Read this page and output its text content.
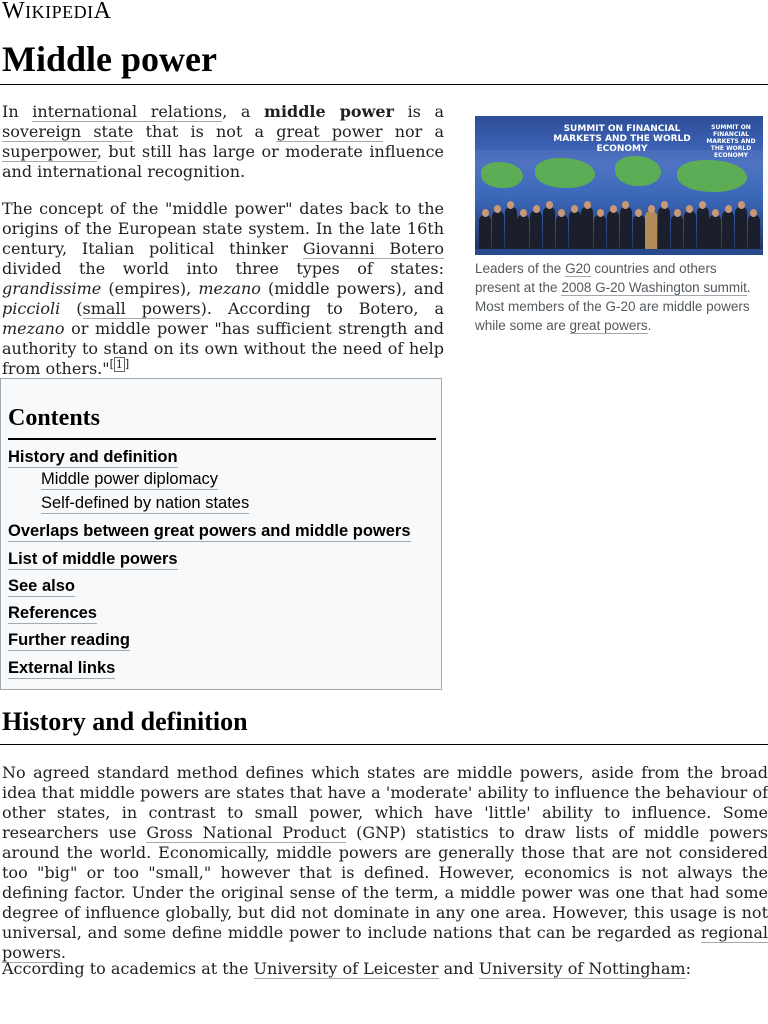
WIKIPEDIA
Middle power

In international relations, a middle power is a sovereign state that is not a great power nor a superpower, but still has large or moderate influence and international recognition.

The concept of the "middle power" dates back to the origins of the European state system. In the late 16th century, Italian political thinker Giovanni Botero divided the world into three types of states: grandissime (empires), mezano (middle powers), and piccioli (small powers). According to Botero, a mezano or middle power "has sufficient strength and authority to stand on its own without the need of help from others."[ 1 ]

SUMMIT ON FINANCIAL MARKETS AND THE WORLD ECONOMY
SUMMIT ON FINANCIAL MARKETS AND THE WORLD ECONOMY
Leaders of the G20 countries and others present at the 2008 G-20 Washington summit. Most members of the G-20 are middle powers while some are great powers.
Contents
History and definition
Middle power diplomacy
Self-defined by nation states
Overlaps between great powers and middle powers
List of middle powers
See also
References
Further reading
External links
History and definition

No agreed standard method defines which states are middle powers, aside from the broad idea that middle powers are states that have a 'moderate' ability to influence the behaviour of other states, in contrast to small power, which have 'little' ability to influence. Some researchers use Gross National Product (GNP) statistics to draw lists of middle powers around the world. Economically, middle powers are generally those that are not considered too "big" or too "small," however that is defined. However, economics is not always the defining factor. Under the original sense of the term, a middle power was one that had some degree of influence globally, but did not dominate in any one area. However, this usage is not universal, and some define middle power to include nations that can be regarded as regional powers.

According to academics at the University of Leicester and University of Nottingham:
